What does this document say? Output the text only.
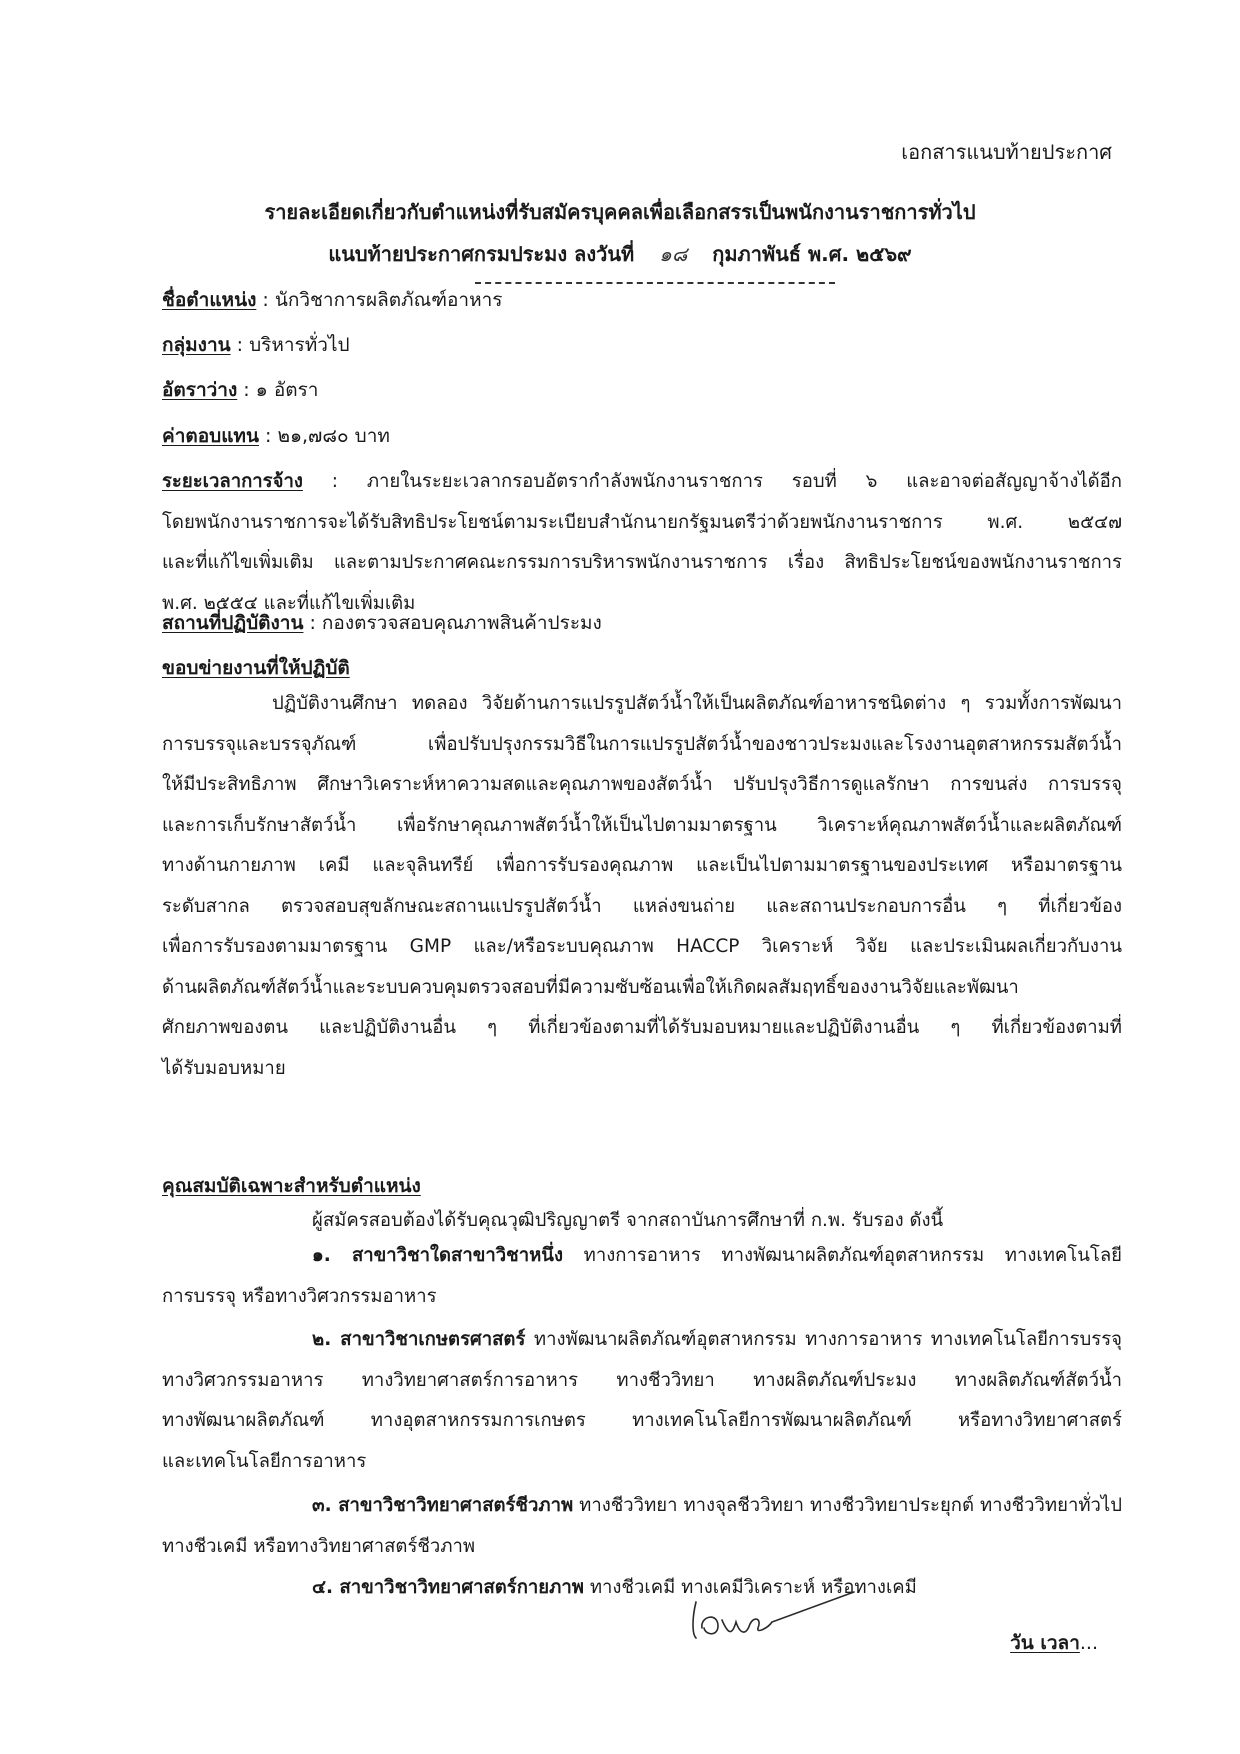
เอกสารแนบท้ายประกาศ
รายละเอียดเกี่ยวกับตำแหน่งที่รับสมัครบุคคลเพื่อเลือกสรรเป็นพนักงานราชการทั่วไป
แนบท้ายประกาศกรมประมง ลงวันที่ ๑๘ กุมภาพันธ์ พ.ศ. ๒๕๖๙
ชื่อตำแหน่ง : นักวิชาการผลิตภัณฑ์อาหาร
กลุ่มงาน : บริหารทั่วไป
อัตราว่าง : ๑ อัตรา
ค่าตอบแทน : ๒๑,๗๘๐ บาท
ระยะเวลาการจ้าง : ภายในระยะเวลากรอบอัตรากำลังพนักงานราชการ รอบที่ ๖ และอาจต่อสัญญาจ้างได้อีก
โดยพนักงานราชการจะได้รับสิทธิประโยชน์ตามระเบียบสำนักนายกรัฐมนตรีว่าด้วยพนักงานราชการ พ.ศ. ๒๕๔๗
และที่แก้ไขเพิ่มเติม และตามประกาศคณะกรรมการบริหารพนักงานราชการ เรื่อง สิทธิประโยชน์ของพนักงานราชการ
พ.ศ. ๒๕๕๔ และที่แก้ไขเพิ่มเติม
สถานที่ปฏิบัติงาน : กองตรวจสอบคุณภาพสินค้าประมง
ขอบข่ายงานที่ให้ปฏิบัติ
ปฏิบัติงานศึกษา ทดลอง วิจัยด้านการแปรรูปสัตว์น้ำให้เป็นผลิตภัณฑ์อาหารชนิดต่าง ๆ รวมทั้งการพัฒนา
การบรรจุและบรรจุภัณฑ์ เพื่อปรับปรุงกรรมวิธีในการแปรรูปสัตว์น้ำของชาวประมงและโรงงานอุตสาหกรรมสัตว์น้ำ
ให้มีประสิทธิภาพ ศึกษาวิเคราะห์หาความสดและคุณภาพของสัตว์น้ำ ปรับปรุงวิธีการดูแลรักษา การขนส่ง การบรรจุ
และการเก็บรักษาสัตว์น้ำ เพื่อรักษาคุณภาพสัตว์น้ำให้เป็นไปตามมาตรฐาน วิเคราะห์คุณภาพสัตว์น้ำและผลิตภัณฑ์
ทางด้านกายภาพ เคมี และจุลินทรีย์ เพื่อการรับรองคุณภาพ และเป็นไปตามมาตรฐานของประเทศ หรือมาตรฐาน
ระดับสากล ตรวจสอบสุขลักษณะสถานแปรรูปสัตว์น้ำ แหล่งขนถ่าย และสถานประกอบการอื่น ๆ ที่เกี่ยวข้อง
เพื่อการรับรองตามมาตรฐาน GMP และ/หรือระบบคุณภาพ HACCP วิเคราะห์ วิจัย และประเมินผลเกี่ยวกับงาน
ด้านผลิตภัณฑ์สัตว์น้ำและระบบควบคุมตรวจสอบที่มีความซับซ้อนเพื่อให้เกิดผลสัมฤทธิ์ของงานวิจัยและพัฒนา
ศักยภาพของตน และปฏิบัติงานอื่น ๆ ที่เกี่ยวข้องตามที่ได้รับมอบหมายและปฏิบัติงานอื่น ๆ ที่เกี่ยวข้องตามที่
ได้รับมอบหมาย
คุณสมบัติเฉพาะสำหรับตำแหน่ง
ผู้สมัครสอบต้องได้รับคุณวุฒิปริญญาตรี จากสถาบันการศึกษาที่ ก.พ. รับรอง ดังนี้
๑. สาขาวิชาใดสาขาวิชาหนึ่ง ทางการอาหาร ทางพัฒนาผลิตภัณฑ์อุตสาหกรรม ทางเทคโนโลยี
การบรรจุ หรือทางวิศวกรรมอาหาร
๒. สาขาวิชาเกษตรศาสตร์ ทางพัฒนาผลิตภัณฑ์อุตสาหกรรม ทางการอาหาร ทางเทคโนโลยีการบรรจุ
ทางวิศวกรรมอาหาร ทางวิทยาศาสตร์การอาหาร ทางชีววิทยา ทางผลิตภัณฑ์ประมง ทางผลิตภัณฑ์สัตว์น้ำ
ทางพัฒนาผลิตภัณฑ์ ทางอุตสาหกรรมการเกษตร ทางเทคโนโลยีการพัฒนาผลิตภัณฑ์ หรือทางวิทยาศาสตร์
และเทคโนโลยีการอาหาร
๓. สาขาวิชาวิทยาศาสตร์ชีวภาพ ทางชีววิทยา ทางจุลชีววิทยา ทางชีววิทยาประยุกต์ ทางชีววิทยาทั่วไป
ทางชีวเคมี หรือทางวิทยาศาสตร์ชีวภาพ
๔. สาขาวิชาวิทยาศาสตร์กายภาพ ทางชีวเคมี ทางเคมีวิเคราะห์ หรือทางเคมี
วัน เวลา...
